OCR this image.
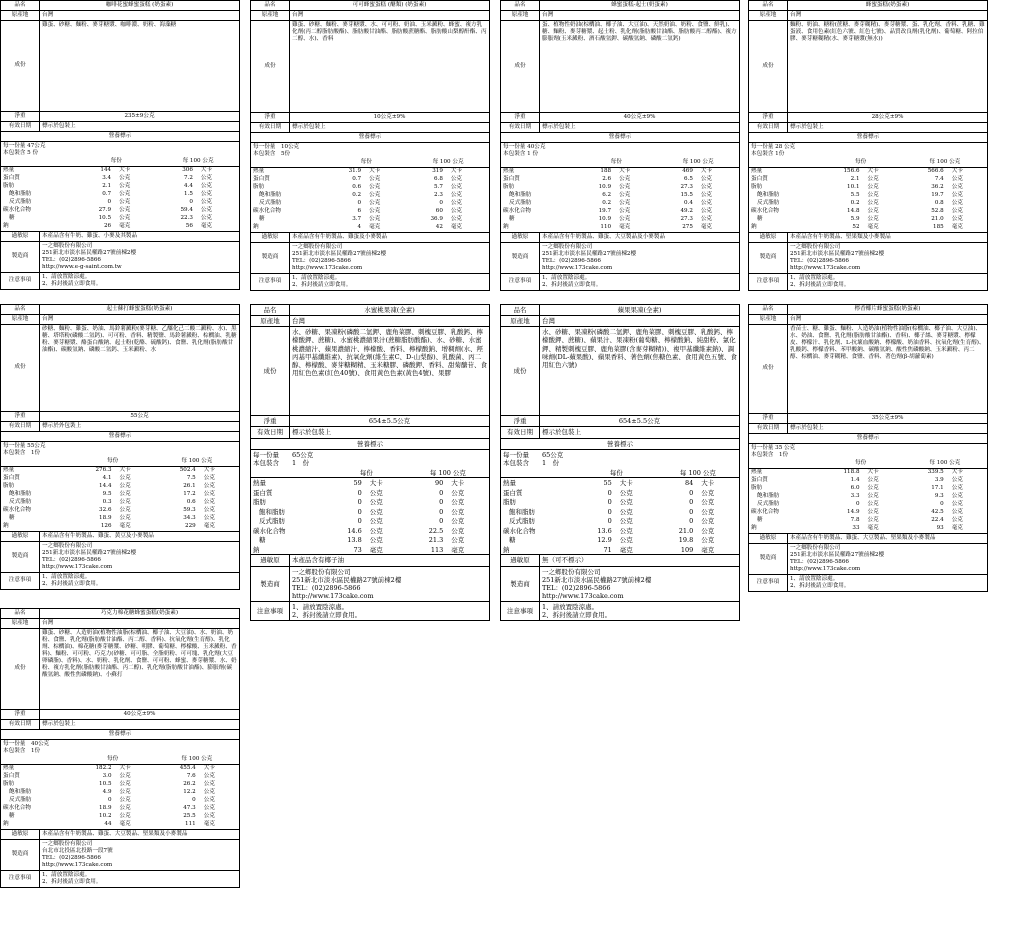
品名	咖啡花蜜蜂蜜蛋糕 (奶蛋素)
原產地	台灣
成份
雞蛋、砂糖、麵粉、麥芽糖漿、咖啡濃、奶粉、海藻糖
淨重	235±9公克
有效日期	標示於包裝上
營養標示
每一份量 47公克
本包裝含 5 份
	每份		每 100 公克	
熱量	144	大卡	306	大卡
蛋白質	3.4	公克	7.2	公克
脂肪	2.1	公克	4.4	公克
飽和脂肪	0.7	公克	1.5	公克
反式脂肪	0	公克	0	公克
碳水化合物	27.9	公克	59.4	公克
糖	10.5	公克	22.3	公克
鈉	26	毫克	56	毫克
過敏原	本產品含有牛奶、雞蛋、小麥及其製品
製造商
一之鄉股份有限公司
251新北市淡水區民權路27號前棟2樓
TEL：(02)2896-5866
http://www.e-g-saint.com.tw
注意事項
1、請放置陰涼處。
2、拆封後請立即食用。
品名	可可蜂蜜蛋糕 (醣類) (奶蛋素)
原產地	台灣
成份
雞蛋、砂糖、麵粉、麥芽糖漿、水、可可粉、奶油、玉米澱粉、蜂蜜、複方乳化劑(丙二醇脂肪酸酯)、脂肪酸甘油酯、脂肪酸蔗糖酯、脂肪酸山梨醇酐酯、丙二醇、水)、香料
淨重	10公克±9%
有效日期	標示於包裝上
營養標示
每一份量　10公克
本包裝含　5份
	每份		每 100 公克	
熱量	31.9	大卡	319	大卡
蛋白質	0.7	公克	6.8	公克
脂肪	0.6	公克	5.7	公克
飽和脂肪	0.2	公克	2.3	公克
反式脂肪	0	公克	0	公克
碳水化合物	6	公克	60	公克
糖	3.7	公克	36.9	公克
鈉	4	毫克	42	毫克
過敏原	本產品含有牛奶製品、雞蛋及小麥製品
製造商
一之鄉股份有限公司
251新北市淡水區民權路27號前棟2樓
TEL：(02)2896-5866
http://www.173cake.com
注意事項
1、請放置陰涼處。
2、拆封後請立即食用。
品名	蜂蜜蛋糕-起士(奶蛋素)
原產地	台灣
成份
蛋、植物性奶油(棕櫚油、椰子油、大豆油)、天然奶油、奶粉、食鹽、鮮乳)、糖、麵粉、麥芽糖漿、起士粉、乳化劑(脂肪酸甘油酯、脂肪酸丙二醇酯)、複方膨脹劑(玉米澱粉、酒石酸氫鉀、碳酸氫鈉、磷酸二氫鈣)
淨重	40公克±9%
有效日期	標示於包裝上
營養標示
每一份量 40公克
本包裝含 1 份
	每份		每 100 公克	
熱量	188	大卡	469	大卡
蛋白質	2.6	公克	6.5	公克
脂肪	10.9	公克	27.3	公克
飽和脂肪	6.2	公克	15.5	公克
反式脂肪	0.2	公克	0.4	公克
碳水化合物	19.7	公克	49.2	公克
糖	10.9	公克	27.3	公克
鈉	110	毫克	275	毫克
過敏原	本產品含有牛奶製品、雞蛋、大豆製品及小麥製品
製造商
一之鄉股份有限公司
251新北市淡水區民權路27號前棟2樓
TEL：(02)2896-5866
http://www.173cake.com
注意事項
1、請放置陰涼處。
2、拆封後請立即食用。
品名	蜂蜜蛋糕(奶蛋素)
原產地	台灣
成份
麵粉、奶油、糖粉(蔗糖、麥芽糊精)、麥芽糖漿、蛋、乳化劑、香料、乳糖、雞蛋液、食用色素(紅色六號、紅色七號)、品質改良劑(乳化劑)、葡萄糖、阿拉伯膠、麥芽糖糊精(水、麥芽糖漿(無水))
淨重	28公克±9%
有效日期	標示於包裝上
營養標示
每一份量 28 公克
本包裝含 1份
	每份		每 100 公克	
熱量	156.6	大卡	566.6	大卡
蛋白質	2.1	公克	7.4	公克
脂肪	10.1	公克	36.2	公克
飽和脂肪	5.5	公克	19.7	公克
反式脂肪	0.2	公克	0.8	公克
碳水化合物	14.8	公克	52.8	公克
糖	5.9	公克	21.0	公克
鈉	52	毫克	185	毫克
過敏原	本產品含有牛奶製品、堅果類及小麥製品
製造商
一之鄉股份有限公司
251新北市淡水區民權路27號前棟2樓
TEL：(02)2896-5866
http://www.173cake.com
注意事項
1、請放置陰涼處。
2、拆封後請立即食用。
品名	起士蘇打蜂蜜蛋糕(奶蛋素)
原產地	台灣
成份
砂糖、麵粉、雞蛋、奶油、馬鈴薯澱粉(麥芽糖、乙醯化己二酸二澱粉、水)、黑糖、塔塔粉(磷酸二氫鈣)、可可粉、香料、精製鹽、馬鈴薯澱粉、棕櫚油、乳糖粉、麥芽糖漿、酪蛋白酸鈉、起士粉(乾酪、硫酸鈣)、食鹽、乳化劑(脂肪酸甘油酯)、碳酸氫鈉、磷酸二氫鈣、玉米澱粉、水
淨重	55公克
有效日期	標示於外包裝上
營養標示
每一份量 55公克
本包裝含　1份
	每份		每 100 公克	
熱量	276.3	大卡	502.4	大卡
蛋白質	4.1	公克	7.5	公克
脂肪	14.4	公克	26.1	公克
飽和脂肪	9.5	公克	17.2	公克
反式脂肪	0.3	公克	0.6	公克
碳水化合物	32.6	公克	59.3	公克
糖	18.9	公克	34.3	公克
鈉	126	毫克	229	毫克
過敏原	本產品含有牛奶製品、雞蛋、黃豆及小麥製品
製造商
一之鄉股份有限公司
251新北市淡水區民權路27號前棟2樓
TEL：(02)2896-5866
http://www.173cake.com
注意事項
1、請放置陰涼處。
2、拆封後請立即食用。
品名	水蜜桃果凍(全素)
原產地	台灣
成份
水、砂糖、果凍粉(磷酸二氫鉀、鹿角菜膠、刺槐豆膠、乳酸鈣、檸檬酸鉀、蔗糖)、水蜜桃濃縮果汁(蔗糖脂肪酸酯)、水、砂糖、水蜜桃濃縮汁、蘋果濃縮汁、檸檬酸、香料、檸檬酸鈉、增稠劑(水、羥丙基甲基纖維素)、抗氧化劑(維生素C、D-山梨醇)、乳酸菌、丙二醇、檸檬酸、麥芽糖糊精、玉米糖膠、磷酸鉀、香料、甜菊醣苷、食用紅色色素(紅色40號)、食用黃色色素(黃色4號)、果膠
淨重	654±5.5公克
有效日期	標示於包裝上
營養標示
每一份量　　65公克
本包裝含　　1　份
	每份		每 100 公克	
熱量	59	大卡	90	大卡
蛋白質	0	公克	0	公克
脂肪	0	公克	0	公克
飽和脂肪	0	公克	0	公克
反式脂肪	0	公克	0	公克
碳水化合物	14.6	公克	22.5	公克
糖	13.8	公克	21.3	公克
鈉	73	毫克	113	毫克
過敏原	本產品含有椰子油
製造商
一之鄉股份有限公司
251新北市淡水區民權路27號前棟2樓
TEL：(02)2896-5866
http://www.173cake.com
注意事項
1、請放置陰涼處。
2、拆封後請立即食用。
品名	蘋果果凍(全素)
原產地	台灣
成份
水、砂糖、果凍粉(磷酸二氫鉀、鹿角菜膠、刺槐豆膠、乳酸鈣、檸檬酸鉀、蔗糖)、蘋果汁、果凍粉(葡萄糖、檸檬酸鈉、純甜粉、氯化鉀、精製刺槐豆膠、鹿角菜膠(含麥芽糊精))、複甲基纖維素鈉)、調味劑(DL-蘋果酸)、蘋果香料、著色劑(焦糖色素、食用黃色五號、食用紅色六號)
淨重	654±5.5公克
有效日期	標示於包裝上
營養標示
每一份量　　65公克
本包裝含　　1　份
	每份		每 100 公克	
熱量	55	大卡	84	大卡
蛋白質	0	公克	0	公克
脂肪	0	公克	0	公克
飽和脂肪	0	公克	0	公克
反式脂肪	0	公克	0	公克
碳水化合物	13.6	公克	21.0	公克
糖	12.9	公克	19.8	公克
鈉	71	毫克	109	毫克
過敏原	無（可不標示）
製造商
一之鄉股份有限公司
251新北市淡水區民權路27號前棟2樓
TEL：(02)2896-5866
http://www.173cake.com
注意事項
1、請放置陰涼處。
2、拆封後請立即食用。
品名	檸香椰片蜂蜜蛋糕(奶蛋素)
原產地	台灣
成份
香苗士、糖、雞蛋、麵粉、人造奶油(植物性油脂(棕櫚油、椰子油、大豆油)、水、奶油、食鹽、乳化劑(脂肪酸甘油酯)、香料)、椰子絲、麥芽糖漿、檸檬皮、檸檬汁、乳化劑、L-抗壞血酸鈉、檸檬酸、奶油香料、抗氧化劑(生育醇)、乳酸鈣、檸檬香料、苯甲酸鈉、碳酸氫鈉、酸性焦磷酸鈉、玉米澱粉、丙二醇、棕櫚油、麥芽糊精、食鹽、香料、著色劑(β-胡蘿蔔素)
淨重	35公克±9%
有效日期	標示於包裝上
營養標示
每一份量 35 公克
本包裝含　1份
	每份		每 100 公克	
熱量	118.8	大卡	339.5	大卡
蛋白質	1.4	公克	3.9	公克
脂肪	6.0	公克	17.1	公克
飽和脂肪	3.3	公克	9.3	公克
反式脂肪	0	公克	0	公克
碳水化合物	14.9	公克	42.5	公克
糖	7.8	公克	22.4	公克
鈉	33	毫克	93	毫克
過敏原	本產品含有牛奶製品、雞蛋、大豆製品、堅果類及小麥製品
製造商
一之鄉股份有限公司
251新北市淡水區民權路27號前棟2樓
TEL：(02)2896-5866
http://www.173cake.com
注意事項
1、請放置陰涼處。
2、拆封後請立即食用。
品名	巧克力棉花糖蜂蜜蛋糕(奶蛋素)
原產地	台灣
成份
雞蛋、砂糖、人造奶油(植物性油脂(棕櫚油、椰子油、大豆油)、水、奶油、奶粉、食鹽、乳化劑(脂肪酸甘油酯、丙二醇、香料)、抗氧化劑(生育醇)、乳化劑、棕櫚油)、棉花糖(麥芽糖漿、砂糖、明膠、葡萄糖、檸檬酸、玉米澱粉、香料)、麵粉、可可粉、巧克力(砂糖、可可脂、全脂奶粉、可可塊、乳化劑(大豆卵磷脂)、香料)、水、奶粉、乳化劑、食鹽、可可粉、蜂蜜、麥芽糖漿、水、奶粉、複方乳化劑(脂肪酸甘油酯、丙二醇)、乳化劑(脂肪酸甘油酯)、膨脹劑(碳酸氫鈉、酸性焦磷酸鈉)、小蘇打
淨重	40公克±9%
有效日期	標示於包裝上
營養標示
每一份量　40公克
本包裝含　1份
	每份		每 100 公克	
熱量	182.2	大卡	455.4	大卡
蛋白質	3.0	公克	7.6	公克
脂肪	10.5	公克	26.2	公克
飽和脂肪	4.9	公克	12.2	公克
反式脂肪	0	公克	0	公克
碳水化合物	18.9	公克	47.3	公克
糖	10.2	公克	25.5	公克
鈉	44	毫克	111	毫克
過敏原	本產品含有牛奶製品、雞蛋、大豆製品、堅果類及小麥製品
製造商
一之鄉股份有限公司
台北市北投區北投路一段7號
TEL：(02)2896-5866
http://www.173cake.com
注意事項
1、請放置陰涼處。
2、拆封後請立即食用。
